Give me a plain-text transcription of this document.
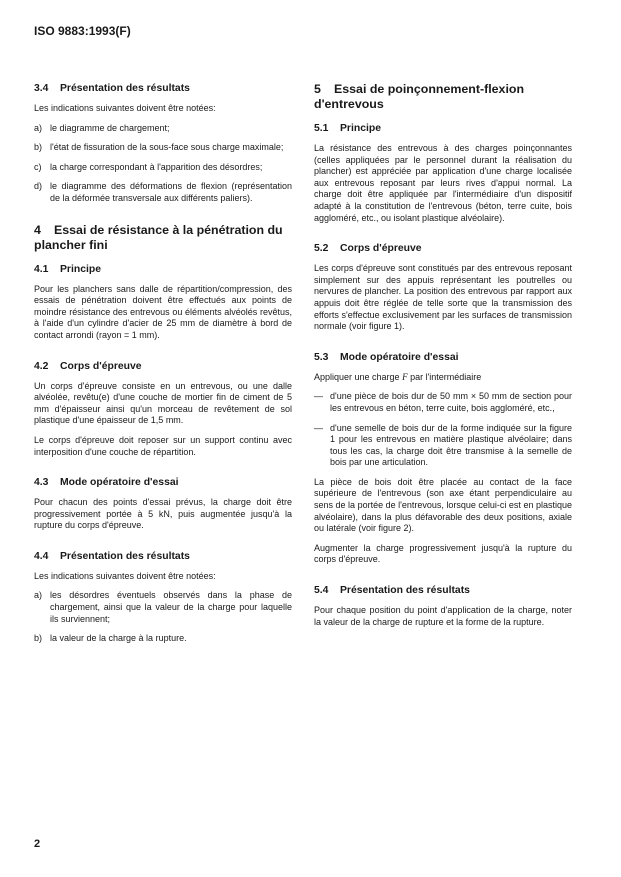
ISO 9883:1993(F)
3.4 Présentation des résultats

Les indications suivantes doivent être notées:

a) le diagramme de chargement;
b) l'état de fissuration de la sous-face sous charge maximale;
c) la charge correspondant à l'apparition des désordres;
d) le diagramme des déformations de flexion (représentation de la déformée transversale aux différents paliers).
4 Essai de résistance à la pénétration du plancher fini
4.1 Principe

Pour les planchers sans dalle de répartition/compression, des essais de pénétration doivent être effectués aux points de moindre résistance des entrevous ou éléments alvéolés revêtus, à l'aide d'un cylindre d'acier de 25 mm de diamètre à bord de contact arrondi (rayon = 1 mm).

4.2 Corps d'épreuve

Un corps d'épreuve consiste en un entrevous, ou une dalle alvéolée, revêtu(e) d'une couche de mortier fin de ciment de 5 mm d'épaisseur ainsi qu'un morceau de revêtement de sol plastique d'une épaisseur de 1,5 mm.

Le corps d'épreuve doit reposer sur un support continu avec interposition d'une couche de répartition.

4.3 Mode opératoire d'essai

Pour chacun des points d'essai prévus, la charge doit être progressivement portée à 5 kN, puis augmentée jusqu'à la rupture du corps d'épreuve.

4.4 Présentation des résultats

Les indications suivantes doivent être notées:

a) les désordres éventuels observés dans la phase de chargement, ainsi que la valeur de la charge pour laquelle ils surviennent;
b) la valeur de la charge à la rupture.
5 Essai de poinçonnement-flexion d'entrevous
5.1 Principe

La résistance des entrevous à des charges poinçonnantes (celles appliquées par le personnel durant la réalisation du plancher) est appréciée par application d'une charge localisée aux entrevous reposant par leurs rives d'appui normal. La charge doit être appliquée par l'intermédiaire d'un dispositif adapté à la constitution de l'entrevous (béton, terre cuite, bois aggloméré, etc., ou isolant plastique alvéolaire).

5.2 Corps d'épreuve

Les corps d'épreuve sont constitués par des entrevous reposant simplement sur des appuis représentant les poutrelles ou nervures de plancher. La position des entrevous par rapport aux appuis doit être réglée de telle sorte que la transmission des efforts s'effectue exclusivement par les surfaces de transmission normale (voir figure 1).

5.3 Mode opératoire d'essai

Appliquer une charge F par l'intermédiaire

— d'une pièce de bois dur de 50 mm × 50 mm de section pour les entrevous en béton, terre cuite, bois aggloméré, etc.,
— d'une semelle de bois dur de la forme indiquée sur la figure 1 pour les entrevous en matière plastique alvéolaire; dans tous les cas, la charge doit être transmise à la semelle de bois par une articulation.

La pièce de bois doit être placée au contact de la face supérieure de l'entrevous (son axe étant perpendiculaire au sens de la portée de l'entrevous, lorsque celui-ci est en plastique alvéolaire), dans la plus défavorable des deux positions, axiale ou latérale (voir figure 2).

Augmenter la charge progressivement jusqu'à la rupture du corps d'épreuve.

5.4 Présentation des résultats

Pour chaque position du point d'application de la charge, noter la valeur de la charge de rupture et la forme de la rupture.

2
